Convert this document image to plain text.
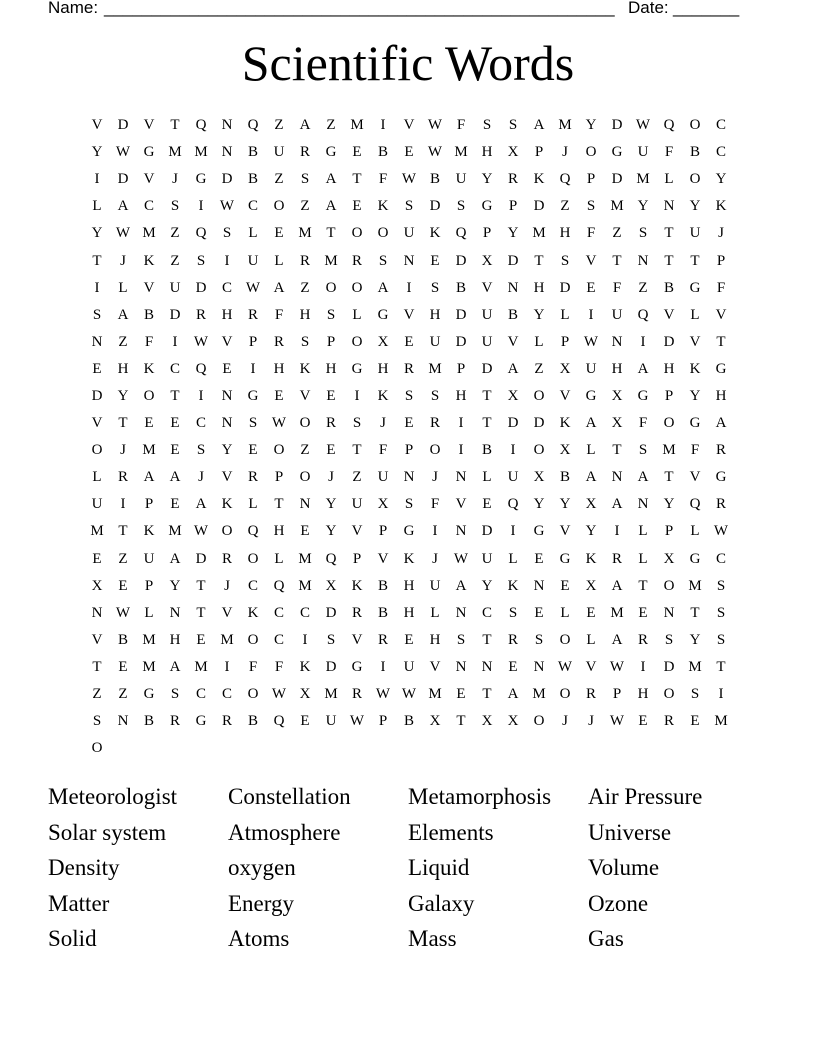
Name: ______________________________________________________ Date: _______
Scientific Words
V	D	V	T	Q	N	Q	Z	A	Z M	I	V W F	S	S	A M Y	D W Q	O	C
Y W G M M N	B	U	R	G	E	B	E W M H	X	P	J	O	G	U	F	B	C
I	D	V	J	G	D	B	Z	S	A	T	F W B	U	Y	R	K	Q	P	D M L	O	Y
L	A	C	S	I	W C	O	Z	A	E	K	S	D	S	G	P	D	Z	S	M Y	N	Y	K
Y W M Z	Q	S	L	E M T	O	O	U	K	Q	P	Y M H	F	Z	S	T	U	J
T	J	K	Z	S	I	U	L	R M R	S	N	E	D	X	D	T	S	V	T	N	T	T	P
I	L	V	U	D	C W A	Z	O	O	A	I	S	B	V	N	H	D	E	F	Z	B	G	F
S	A	B	D	R	H	R	F	H	S	L	G	V	H	D	U	B	Y	L	I	U	Q	V	L	V
N	Z	F	I	W V	P	R	S	P	O	X	E	U	D	U	V	L	P W N	I	D	V	T
E	H	K	C	Q	E	I	H	K	H	G	H	R M	P	D	A	Z	X	U	H	A	H	K	G
D	Y	O	T	I	N	G	E	V	E	I	K	S	S	H	T	X	O	V	G	X	G	P	Y	H
V	T	E	E	C	N	S W O	R	S	J	E	R	I	T	D	D	K	A	X	F	O	G	A
O	J	M E	S	Y	E	O	Z	E	T	F	P	O	I	B	I	O	X	L	T	S	M	F	R
L	R	A	A	J	V	R	P	O	J	Z	U	N	J	N	L	U	X	B	A	N	A	T	V	G
U	I	P	E	A	K	L	T	N	Y	U	X	S	F	V	E	Q	Y	Y	X	A	N	Y	Q	R
M T	K M W O	Q	H	E	Y	V	P	G	I	N	D	I	G	V	Y	I	L	P	L W
E	Z	U	A	D	R	O	L M Q	P	V	K	J	W U	L	E	G	K	R	L	X	G	C
X	E	P	Y	T	J	C	Q M X	K	B	H	U	A	Y	K	N	E	X	A	T	O M	S
N W L	N	T	V	K	C	C	D	R	B	H	L	N	C	S	E	L	E M E	N	T	S
V	B M H	E M O	C	I	S	V	R	E	H	S	T	R	S	O	L	A	R	S	Y	S
T	E M A M	I	F	F	K	D	G	I	U	V	N	N	E	N W V W	I	D M T
Z	Z	G	S	C	C	O W X M R W W M E	T	A M O	R	P	H	O	S	I
S	N	B	R	G	R	B	Q	E	U W P	B	X	T	X	X	O	J	J	W E	R	E M
O
Meteorologist	Constellation	Metamorphosis	Air Pressure
Solar system	Atmosphere	Elements	Universe
Density	oxygen	Liquid	Volume
Matter	Energy	Galaxy	Ozone
Solid	Atoms	Mass	Gas
